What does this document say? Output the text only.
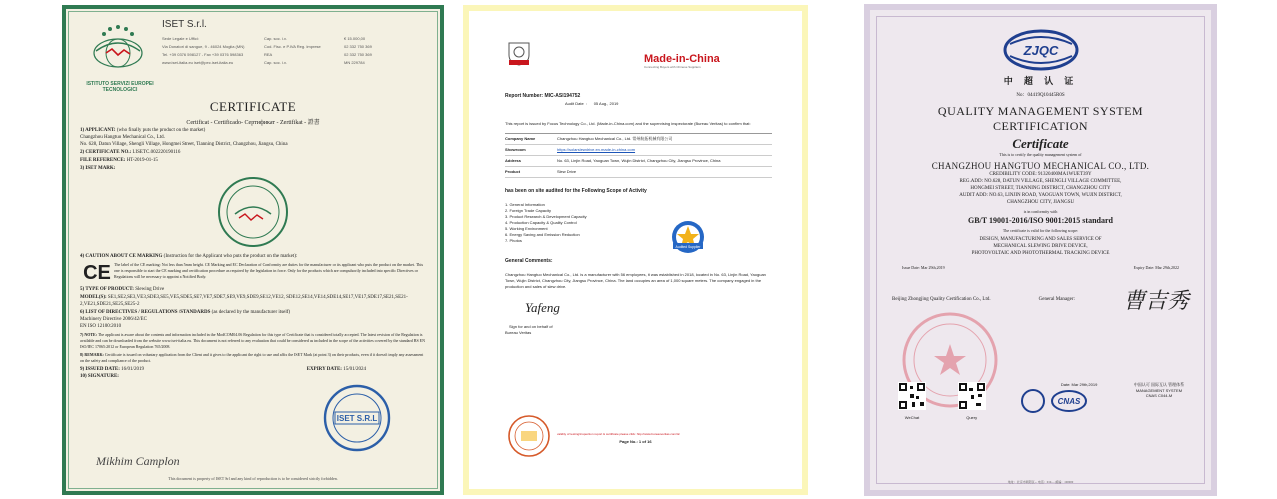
ISTITUTO SERVIZI EUROPEI TECNOLOGICI
ISET S.r.l.
Sede Legale e Uffici:
Via Donatori di sangue, 9 - 46024 Moglia (MN)
Tel. +39 0376 598127 - Fax +39 0376 598363
www.iset-italia.eu iset@pec.iset-italia.eu
Cap. soc. i.v.	€ 15.000,00
Cod. Fisc. e P.IVA Reg. Imprese	02 332 750 369
REA	02 332 750 369
Cap. soc. i.v.	MN 229784
CERTIFICATE
Certificat - Certificado- Сертификат - Zertifikat - 證書
1) APPLICANT: (who finally puts the product on the market)
Changzhou Hangtuo Mechanical Co., Ltd.
No. 628, Datun Village, Shengli Village, Hongmei Street, Tianning District, Changzhou, Jiangsu, China
2) CERTIFICATE NO.: I.ISETC.002220190116
FILE REFERENCE: HT-2019-01-15
3) ISET MARK:
4) CAUTION ABOUT CE MARKING (Instruction for the Applicant who puts the product on the market):
CE The label of the CE marking: Not less than 5mm height. CE Marking and EC Declaration of Conformity are duties for the manufacturer or its applicant who puts the product on the market. This one is responsible to start the CE marking and certification procedure as required by the legislation in force. Only for the products which are compulsorily included into specific Directives or Regulations will be necessary to appoint a Notified Body.
5) TYPE OF PRODUCT: Slewing Drive
MODEL(S): SE1,SE2,SE3,VE3,SDE3,SE5,VE5,SDE5,SE7,VE7,SDE7,SE9,VE9,SDE9,SE12,VE12, SDE12,SE14,VE14,SDE14,SE17,VE17,SDE17,SE21,SE21-2,VE21,SDE21,SE25,SE25-2
6) LIST OF DIRECTIVES / REGULATIONS /STANDARDS (as declared by the manufacturer itself)
Machinery Directive 2006/42/EC
EN ISO 12100:2010
7) NOTE: The applicant is aware about the contents and information included in the ModCOM04.06 Regulation for this type of Certificate that is considered totally accepted. The latest revision of the Regulation is available and can be downloaded from the website www.iset-italia.eu. This document is not referred to any evaluation that could be considered as included in the scope of the activities covered by the standard BS EN ISO/IEC 17065:2012 or European Regulation 765/2008.
8) REMARK: Certificate is issued on voluntary application from the Client and it gives to the applicant the right to use and affix the ISET Mark (at point 3) on their products, even if it doesn't imply any assessment on the safety and compliance of the product.
9) ISSUED DATE: 16/01/2019	EXPIRY DATE: 15/01/2024
10) SIGNATURE:
ISET S.R.L
Mikhim Camplon
This document is property of ISET Srl and any kind of reproduction is to be considered strictly forbidden.
Made-in-China
Connecting Buyers with Chinese Suppliers
Report Number: MIC-ASI194752
Audit Date  :      05 Aug., 2019
This report is issued by Focus Technology Co., Ltd. (Made-in-China.com) and the supervising inspectorate (Bureau Veritas) to confirm that:
Company Name	Changzhou Hangtuo Mechanical Co., Ltd. 常州航拓机械有限公司
Showroom	https://solarslewdrive.en.made-in-china.com
Address	No. 63, Linjin Road, Yaoguan Town, Wujin District, Changzhou City, Jiangsu Province, China
Product	Slew Drive
has been on site audited for the Following Scope of Activity
1. General Information
2. Foreign Trade Capacity
3. Product Research & Development Capacity
4. Production Capacity & Quality Control
5. Working Environment
6. Energy Saving and Emission Reduction
7. Photos
Audited Supplier
General Comments:
Changzhou Hangtuo Mechanical Co., Ltd. is a manufacturer with 56 employees, it was established in 2018, located in No. 63, Linjin Road, Yaoguan Town, Wujin District, Changzhou City, Jiangsu Province, China. The land occupies an area of 1,000 square meters. The company engaged in the production and sales of slew drive.
Yafeng
Sign for and on behalf of
Bureau Veritas
validity of testing/inspection report & certificate please click: http://www.bureauveritas.com/tic
Page No.: 1 of 16
ZJQC
中 超 认 证
No：04419Q10445R0S
QUALITY MANAGEMENT SYSTEM
CERTIFICATION
Certificate
This is to certify the quality management system of
CHANGZHOU HANGTUO MECHANICAL CO., LTD.
CREDIBILITY CODE: 91320400MA1WUET39Y
REG.ADD: NO.628, DATUN VILLAGE, SHENGLI VILLAGE COMMITTEE,
HONGMEI STREET, TIANNING DISTRICT, CHANGZHOU CITY
AUDIT ADD: NO.63, LINJIN ROAD, YAOGUAN TOWN, WUJIN DISTRICT,
CHANGZHOU CITY, JIANGSU
is in conformity with
GB/T 19001-2016/ISO 9001:2015 standard
The certificate is valid for the following scope:
DESIGN, MANUFACTURING AND SALES SERVICE OF
MECHANICAL SLEWING DRIVE DEVICE,
PHOTOVOLTAIC AND PHOTOTHERMAL TRACKING DEVICE
Issue Date: Mar 29th,2019	Expiry Date: Mar 29th,2022
Beijing Zhongjing Quality Certification Co., Ltd.	General Manager: 曹吉秀
WeChat	Query
Date: Mar 29th,2019
CNAS
中国认可 国际互认 管理体系
MANAGEMENT SYSTEM
CNAS C044-M
地址：北京市朝阳区... 电话：010-... 邮编：100000
